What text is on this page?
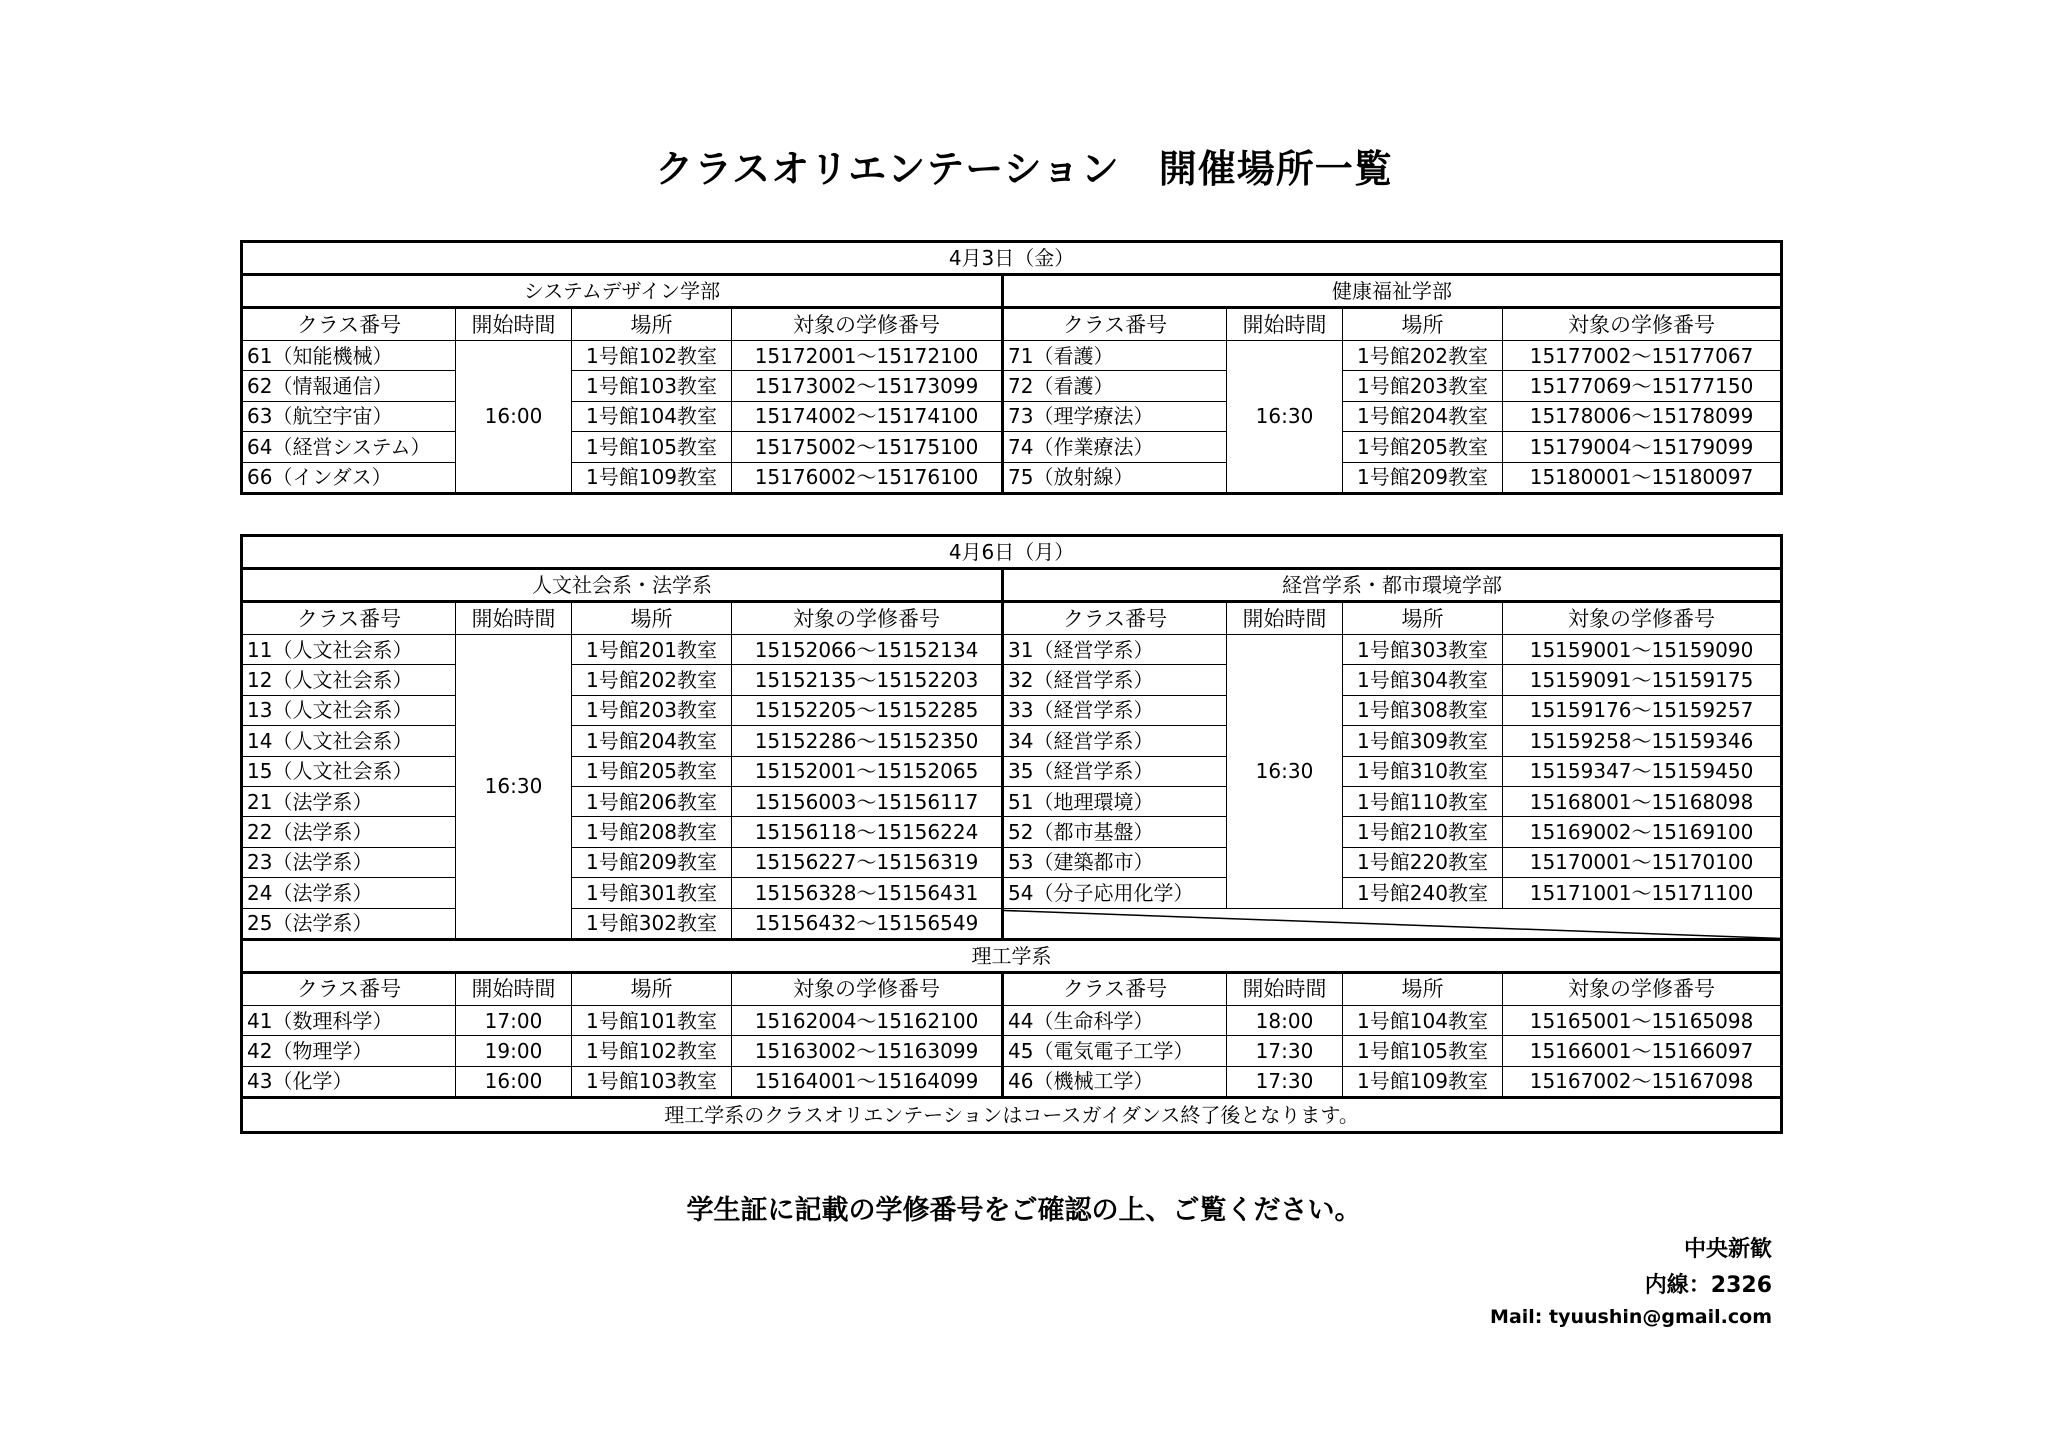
クラスオリエンテーション　開催場所一覧
4月3日（金）							
システムデザイン学部				健康福祉学部			
クラス番号	開始時間	場所	対象の学修番号	クラス番号	開始時間	場所	対象の学修番号
61（知能機械）	16:00	1号館102教室	15172001～15172100	71（看護）	16:30	1号館202教室	15177002～15177067
62（情報通信）		1号館103教室	15173002～15173099	72（看護）		1号館203教室	15177069～15177150
63（航空宇宙）		1号館104教室	15174002～15174100	73（理学療法）		1号館204教室	15178006～15178099
64（経営システム）		1号館105教室	15175002～15175100	74（作業療法）		1号館205教室	15179004～15179099
66（インダス）		1号館109教室	15176002～15176100	75（放射線）		1号館209教室	15180001～15180097
4月6日（月）							
人文社会系・法学系				経営学系・都市環境学部			
クラス番号	開始時間	場所	対象の学修番号	クラス番号	開始時間	場所	対象の学修番号
11（人文社会系）	16:30	1号館201教室	15152066～15152134	31（経営学系）	16:30	1号館303教室	15159001～15159090
12（人文社会系）		1号館202教室	15152135～15152203	32（経営学系）		1号館304教室	15159091～15159175
13（人文社会系）		1号館203教室	15152205～15152285	33（経営学系）		1号館308教室	15159176～15159257
14（人文社会系）		1号館204教室	15152286～15152350	34（経営学系）		1号館309教室	15159258～15159346
15（人文社会系）		1号館205教室	15152001～15152065	35（経営学系）		1号館310教室	15159347～15159450
21（法学系）		1号館206教室	15156003～15156117	51（地理環境）		1号館110教室	15168001～15168098
22（法学系）		1号館208教室	15156118～15156224	52（都市基盤）		1号館210教室	15169002～15169100
23（法学系）		1号館209教室	15156227～15156319	53（建築都市）		1号館220教室	15170001～15170100
24（法学系）		1号館301教室	15156328～15156431	54（分子応用化学）		1号館240教室	15171001～15171100
25（法学系）		1号館302教室	15156432～15156549	

理工学系							
クラス番号	開始時間	場所	対象の学修番号	クラス番号	開始時間	場所	対象の学修番号
41（数理科学）	17:00	1号館101教室	15162004～15162100	44（生命科学）	18:00	1号館104教室	15165001～15165098
42（物理学）	19:00	1号館102教室	15163002～15163099	45（電気電子工学）	17:30	1号館105教室	15166001～15166097
43（化学）	16:00	1号館103教室	15164001～15164099	46（機械工学）	17:30	1号館109教室	15167002～15167098
理工学系のクラスオリエンテーションはコースガイダンス終了後となります。							
学生証に記載の学修番号をご確認の上、ご覧ください。
中央新歓
内線：2326
Mail: tyuushin@gmail.com
